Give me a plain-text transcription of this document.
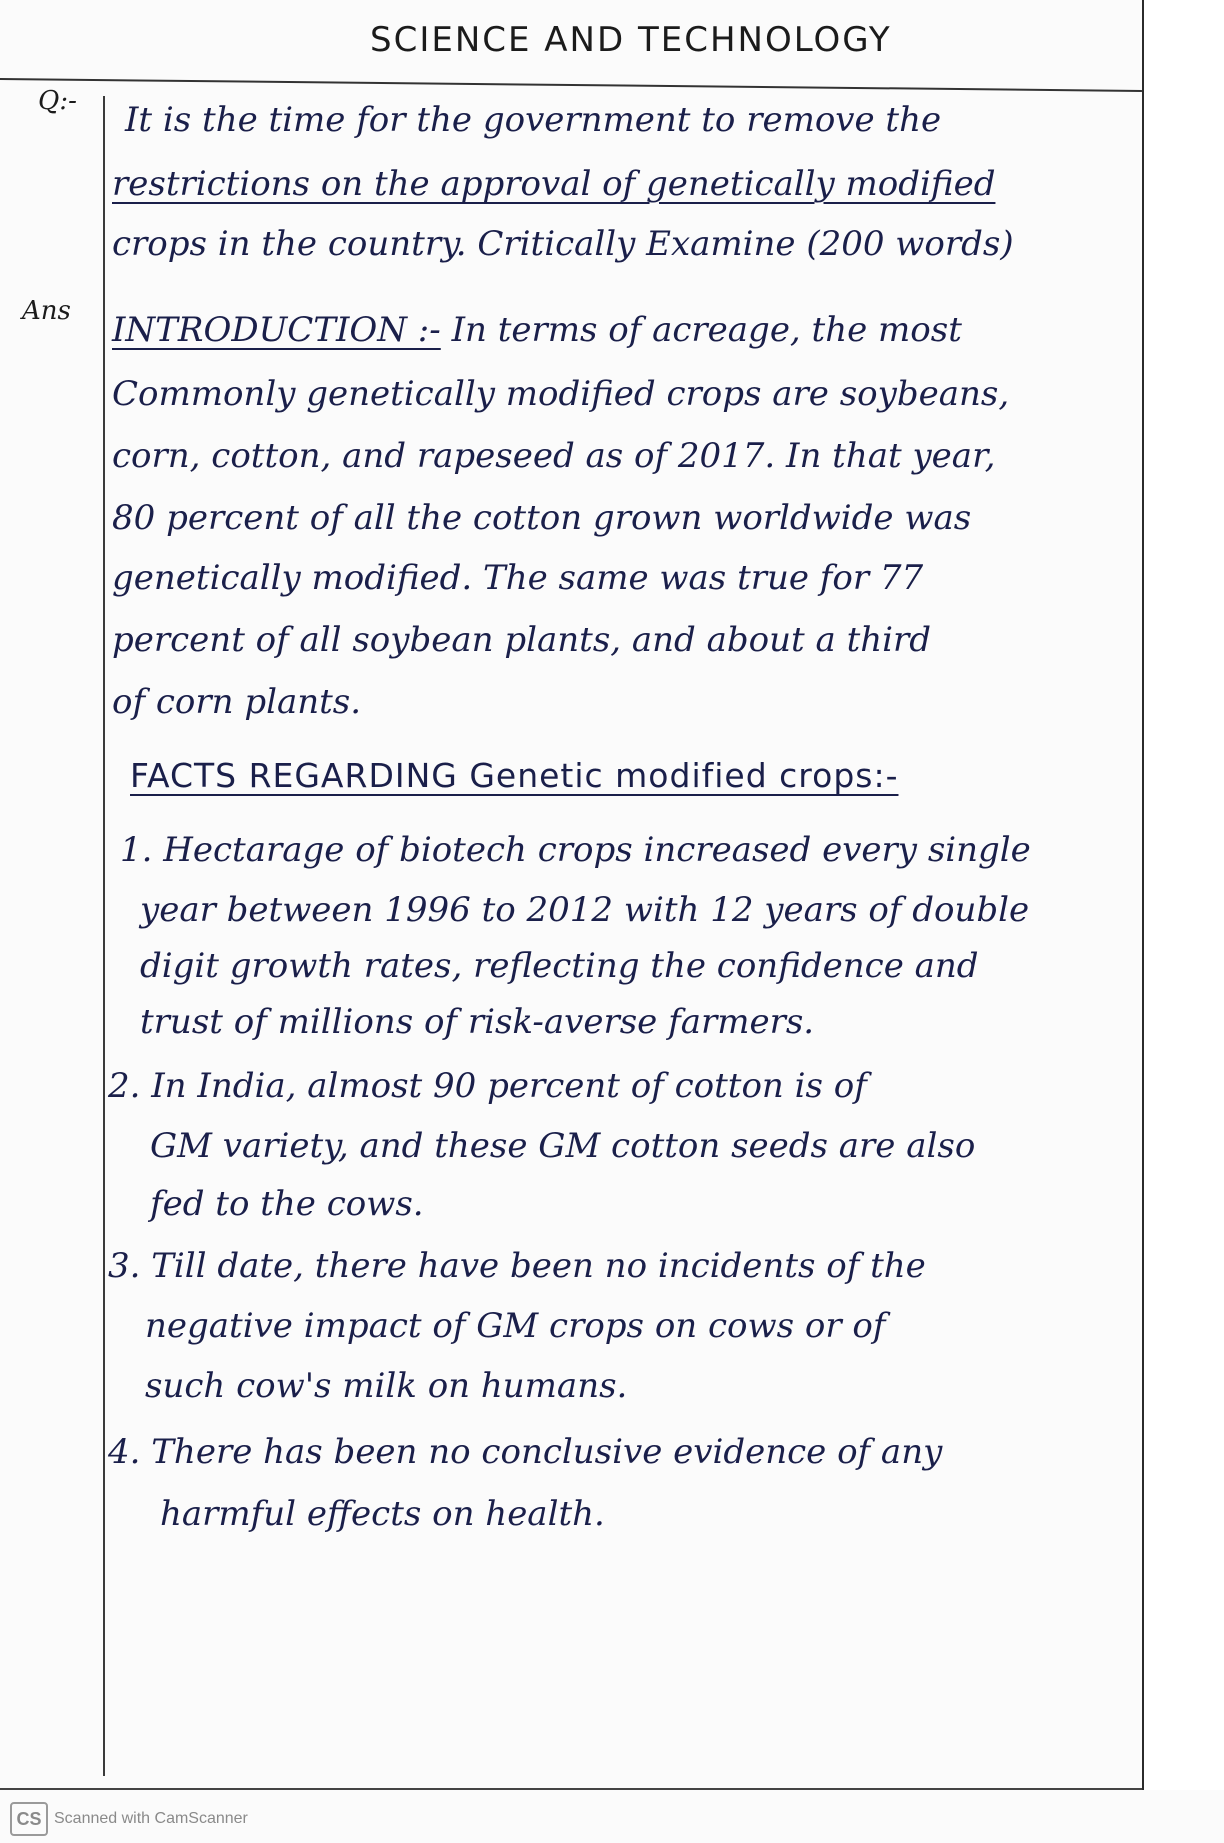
SCIENCE AND TECHNOLOGY
Q:-
Ans
It is the time for the government to remove the
restrictions on the approval of genetically modified
crops in the country. Critically Examine (200 words)
INTRODUCTION :- In terms of acreage, the most
Commonly genetically modified crops are soybeans,
corn, cotton, and rapeseed as of 2017. In that year,
80 percent of all the cotton grown worldwide was
genetically modified. The same was true for 77
percent of all soybean plants, and about a third
of corn plants.
FACTS REGARDING Genetic modified crops:-
1. Hectarage of biotech crops increased every single
year between 1996 to 2012 with 12 years of double
digit growth rates, reflecting the confidence and
trust of millions of risk-averse farmers.
2. In India, almost 90 percent of cotton is of
GM variety, and these GM cotton seeds are also
fed to the cows.
3. Till date, there have been no incidents of the
negative impact of GM crops on cows or of
such cow's milk on humans.
4. There has been no conclusive evidence of any
harmful effects on health.
CS Scanned with CamScanner
